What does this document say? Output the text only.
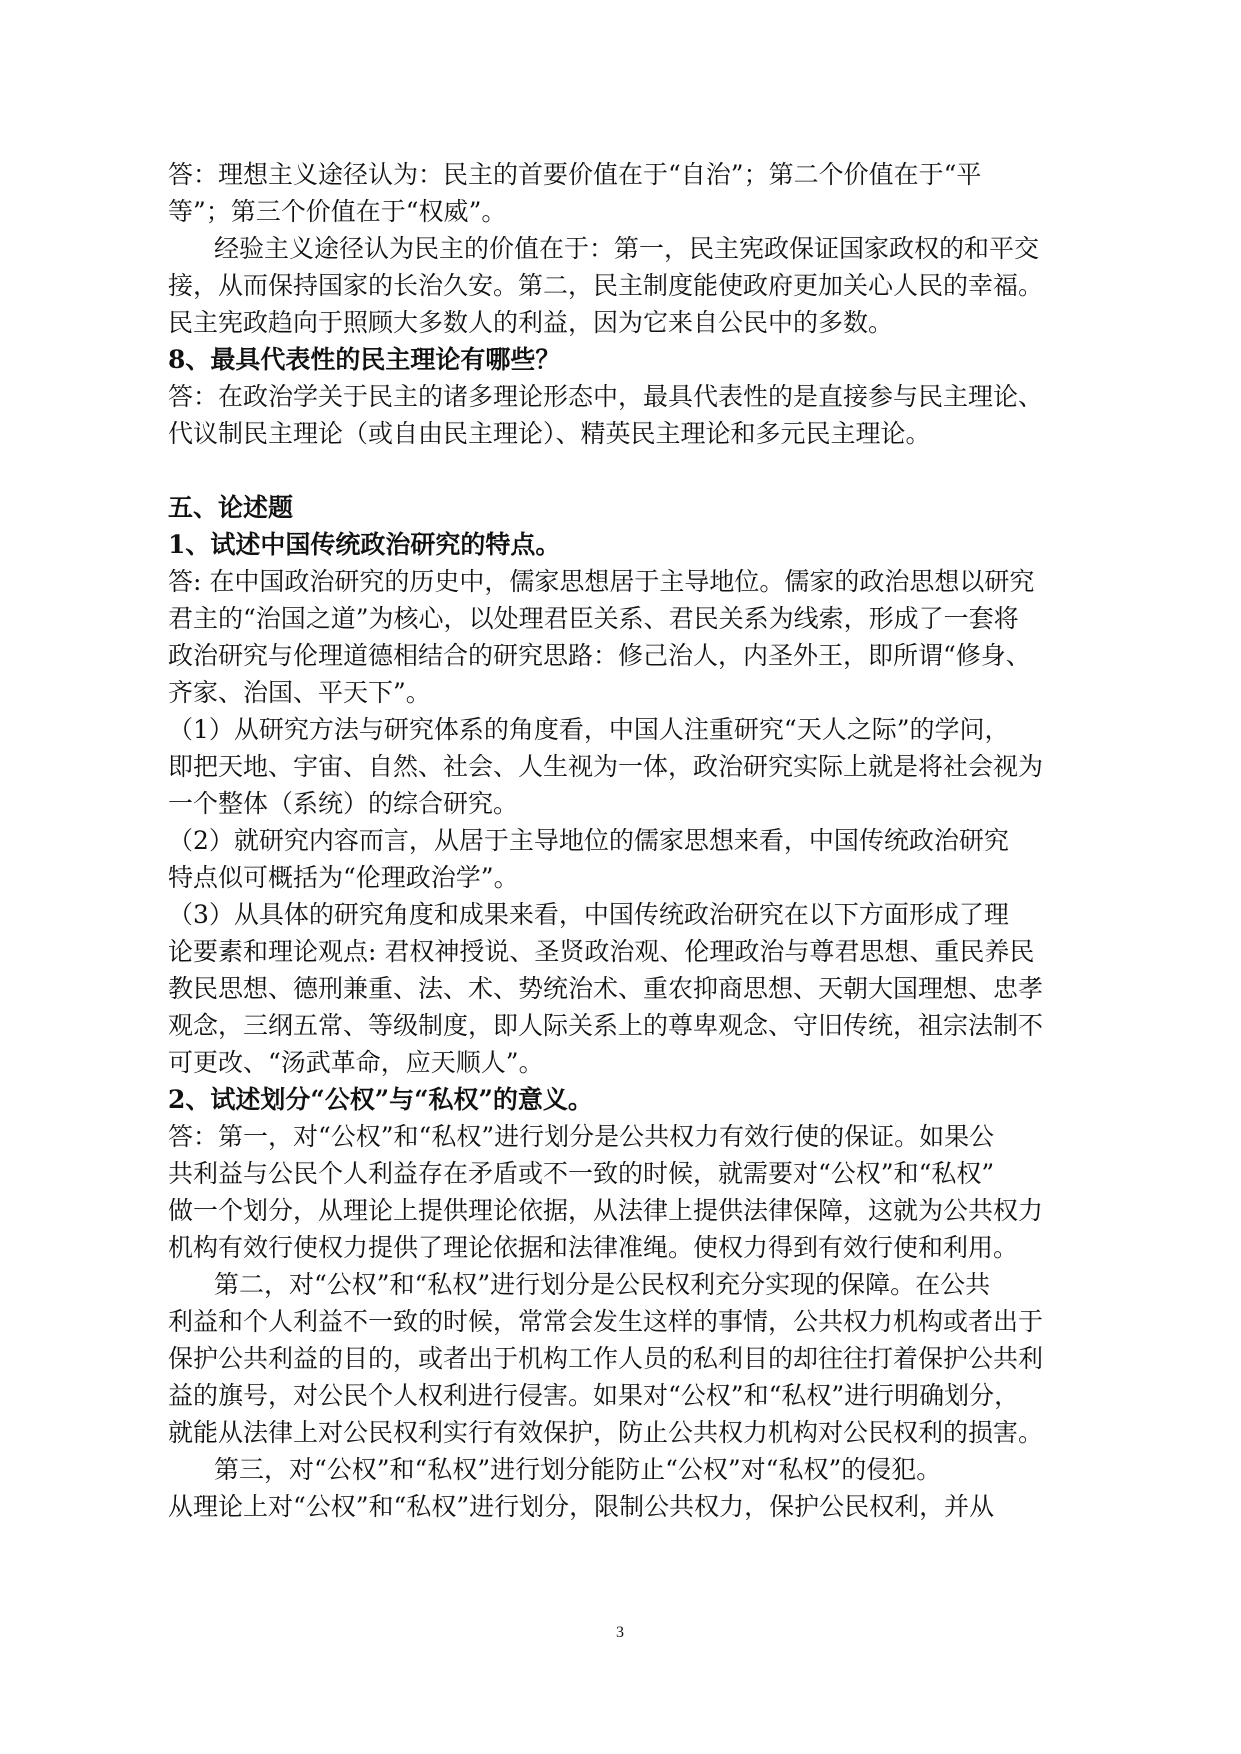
答：理想主义途径认为：民主的首要价值在于“自治”；第二个价值在于“平
等”；第三个价值在于“权威”。
经验主义途径认为民主的价值在于：第一，民主宪政保证国家政权的和平交
接，从而保持国家的长治久安。第二，民主制度能使政府更加关心人民的幸福。
民主宪政趋向于照顾大多数人的利益，因为它来自公民中的多数。
8、最具代表性的民主理论有哪些？
答：在政治学关于民主的诸多理论形态中，最具代表性的是直接参与民主理论、
代议制民主理论（或自由民主理论）、精英民主理论和多元民主理论。
五、论述题
1、试述中国传统政治研究的特点。
答: 在中国政治研究的历史中，儒家思想居于主导地位。儒家的政治思想以研究
君主的“治国之道”为核心，以处理君臣关系、君民关系为线索，形成了一套将
政治研究与伦理道德相结合的研究思路：修己治人，内圣外王，即所谓“修身、
齐家、治国、平天下”。
（1）从研究方法与研究体系的角度看，中国人注重研究“天人之际”的学问，
即把天地、宇宙、自然、社会、人生视为一体，政治研究实际上就是将社会视为
一个整体（系统）的综合研究。
（2）就研究内容而言，从居于主导地位的儒家思想来看，中国传统政治研究
特点似可概括为“伦理政治学”。
（3）从具体的研究角度和成果来看，中国传统政治研究在以下方面形成了理
论要素和理论观点: 君权神授说、圣贤政治观、伦理政治与尊君思想、重民养民
教民思想、德刑兼重、法、术、势统治术、重农抑商思想、天朝大国理想、忠孝
观念，三纲五常、等级制度，即人际关系上的尊卑观念、守旧传统，祖宗法制不
可更改、“汤武革命，应天顺人”。
2、试述划分“公权”与“私权”的意义。
答：第一，对“公权”和“私权”进行划分是公共权力有效行使的保证。如果公
共利益与公民个人利益存在矛盾或不一致的时候，就需要对“公权”和“私权”
做一个划分，从理论上提供理论依据，从法律上提供法律保障，这就为公共权力
机构有效行使权力提供了理论依据和法律准绳。使权力得到有效行使和利用。
第二，对“公权”和“私权”进行划分是公民权利充分实现的保障。在公共
利益和个人利益不一致的时候，常常会发生这样的事情，公共权力机构或者出于
保护公共利益的目的，或者出于机构工作人员的私利目的却往往打着保护公共利
益的旗号，对公民个人权利进行侵害。如果对“公权”和“私权”进行明确划分，
就能从法律上对公民权利实行有效保护，防止公共权力机构对公民权利的损害。
第三，对“公权”和“私权”进行划分能防止“公权”对“私权”的侵犯。
从理论上对“公权”和“私权”进行划分，限制公共权力，保护公民权利，并从
3
